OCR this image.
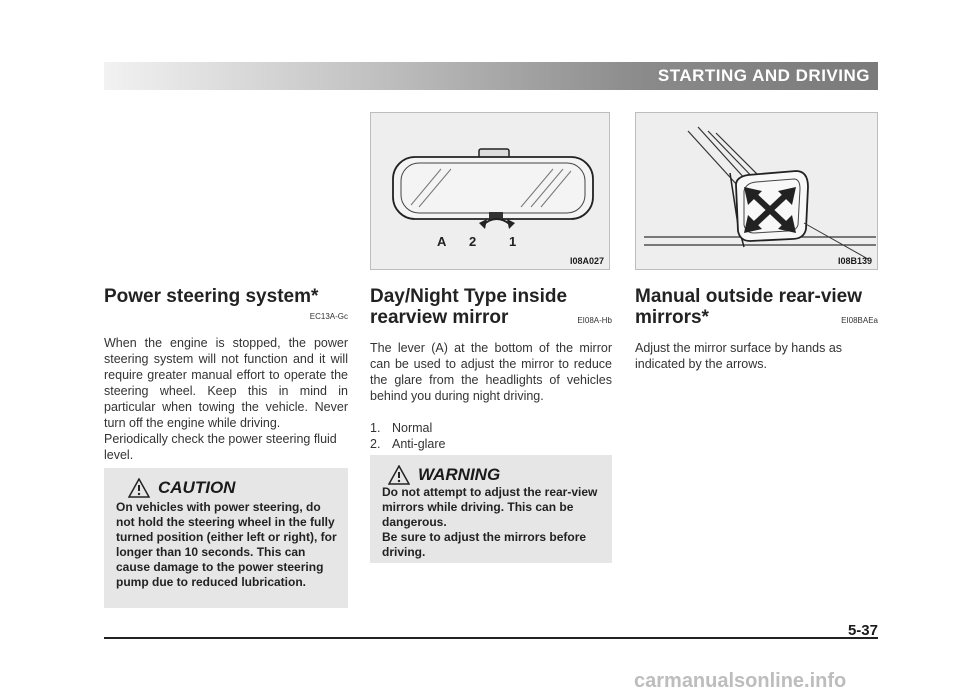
STARTING AND DRIVING
A 2	1
I08A027	I08B139
Power steering system*
EC13A-Gc
When the engine is stopped, the power steering system will not function and it will require greater manual effort to operate the steering wheel. Keep this in mind in particular when towing the vehicle. Never turn off the engine while driving.
Periodically check the power steering fluid level.
CAUTION
On vehicles with power steering, do not hold the steering wheel in the fully turned position (either left or right), for longer than 10 seconds. This can cause damage to the power steering pump due to reduced lubrication.
Day/Night Type inside
rearview mirror	EI08A-Hb
The lever (A) at the bottom of the mirror can be used to adjust the mirror to reduce the glare from the headlights of vehicles behind you during night driving.
1. Normal
2. Anti-glare
WARNING
Do not attempt to adjust the rear-view mirrors while driving. This can be dangerous.
Be sure to adjust the mirrors before driving.
Manual outside rear-view
mirrors*	EI08BAEa
Adjust the mirror surface by hands as indicated by the arrows.
5-37
carmanualsonline.info
